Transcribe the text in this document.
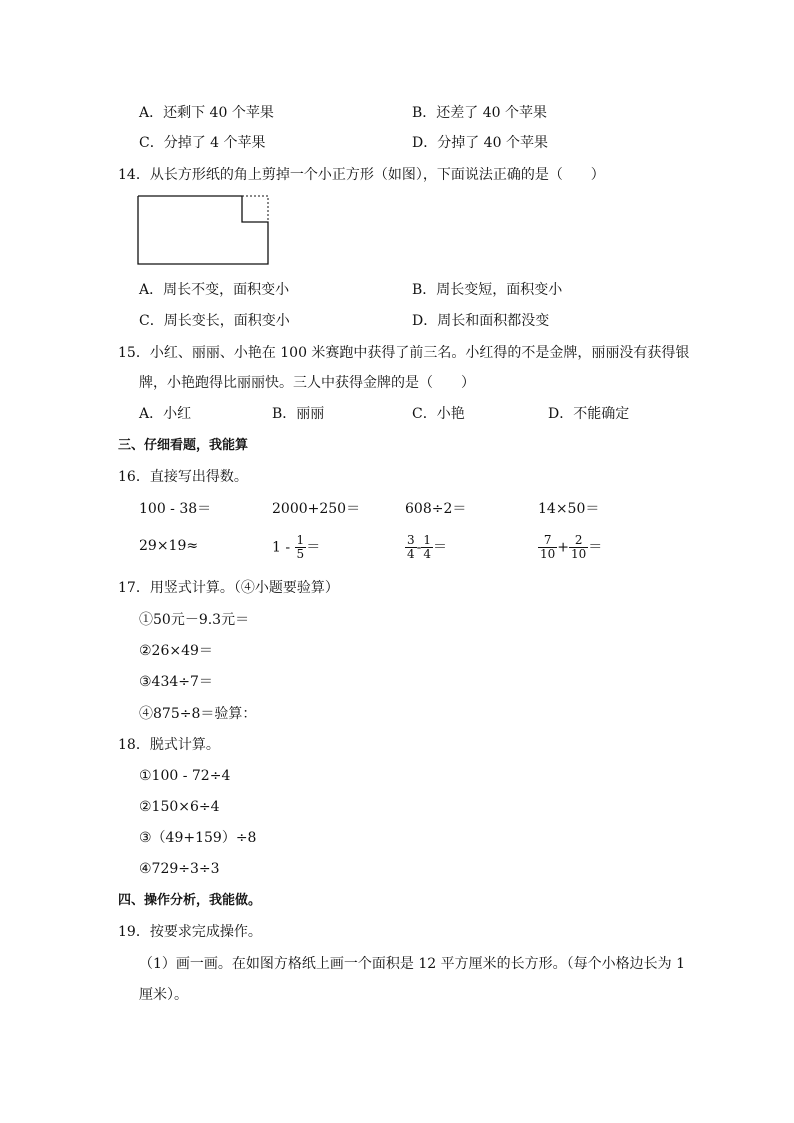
A．还剩下 40 个苹果	B．还差了 40 个苹果
C．分掉了 4 个苹果	D．分掉了 40 个苹果
14．从长方形纸的角上剪掉一个小正方形（如图），下面说法正确的是（　　）
A．周长不变，面积变小	B．周长变短，面积变小
C．周长变长，面积变小	D．周长和面积都没变
15．小红、丽丽、小艳在 100 米赛跑中获得了前三名。小红得的不是金牌，丽丽没有获得银
牌，小艳跑得比丽丽快。三人中获得金牌的是（　　）
A．小红	B．丽丽	C．小艳	D．不能确定
三、仔细看题，我能算
16．直接写出得数。
100 - 38＝	2000+250＝	608÷2＝	14×50＝
29×19≈	$1 - \frac{1}{5}$ ＝	$\frac{3}{4} - \frac{1}{4}$ ＝	$\frac{7}{10} + \frac{2}{10}$ ＝
17．用竖式计算。（④小题要验算）
①50元－9.3元＝
②26×49＝
③434÷7＝
④875÷8＝验算：
18．脱式计算。
①100 - 72÷4
②150×6÷4
③（49+159）÷8
④729÷3÷3
四、操作分析，我能做。
19．按要求完成操作。
（1）画一画。在如图方格纸上画一个面积是 12 平方厘米的长方形。（每个小格边长为 1
厘米）。
